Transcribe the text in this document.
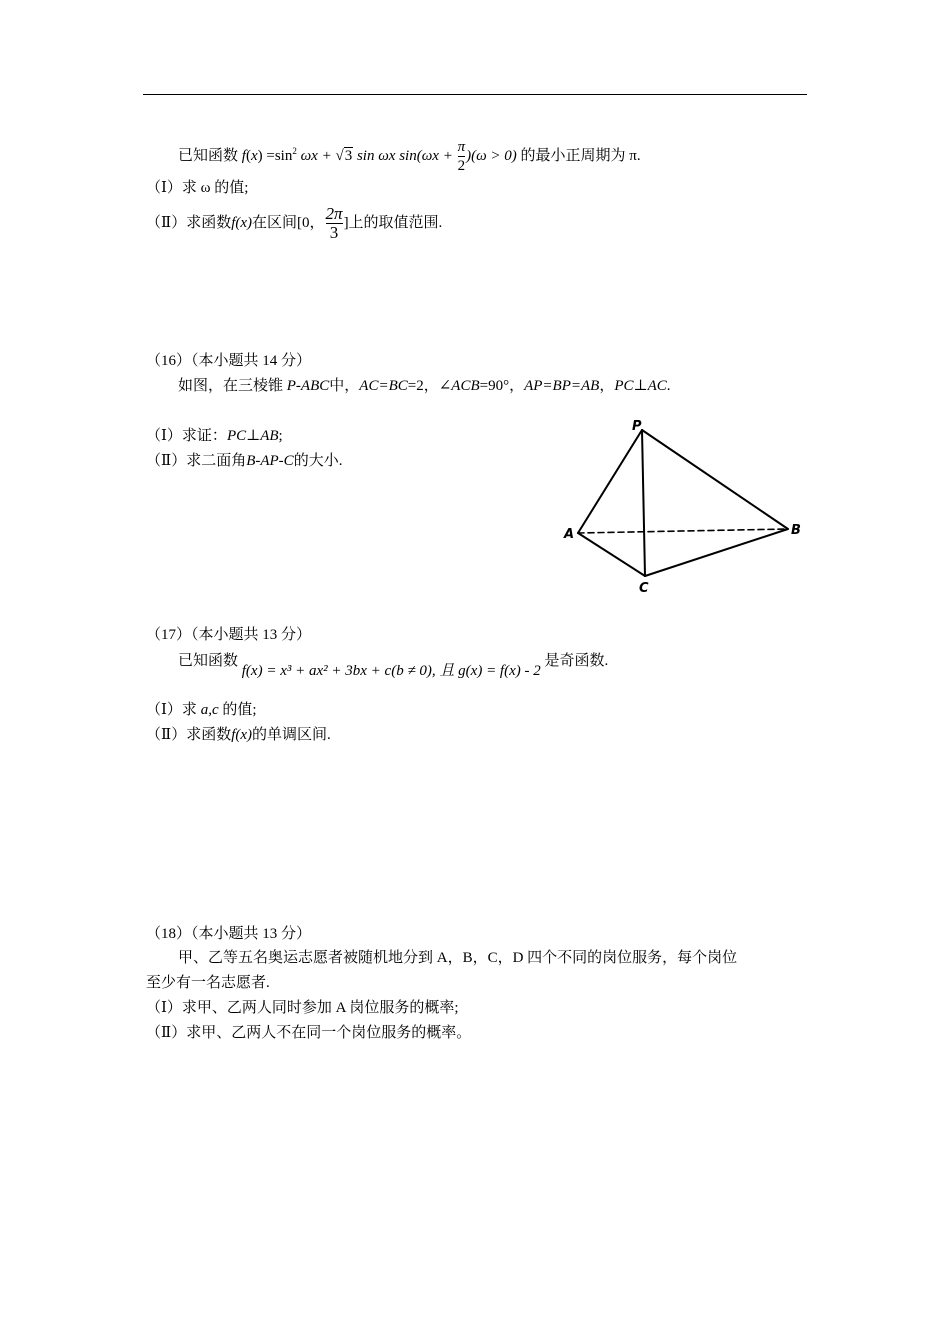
已知函数 $f(x) =\sin^2$ ωx + √3 sin ωx $\sin(\omega x + \frac{\pi}{2} )(\omega > 0)$ 的最小正周期为 π.
（Ⅰ）求 ω 的值;
（Ⅱ）求函数f(x)在区间[0， $\frac{2\pi}{3}$ ]上的取值范围.
（16）（本小题共 14 分）
如图，在三棱锥 P-ABC中，AC=BC=2，∠ACB=90°，AP=BP=AB，PC⊥AC.
（Ⅰ）求证：PC⊥AB;
（Ⅱ）求二面角B-AP-C的大小.
P
A	B
C
（17）（本小题共 13 分）
已知函数 f(x) = x³ + ax² + 3bx + c(b ≠ 0), 且 g(x) = f(x) - 2 是奇函数.
（Ⅰ）求 a,c 的值;
（Ⅱ）求函数f(x)的单调区间.
（18）（本小题共 13 分）
甲、乙等五名奥运志愿者被随机地分到 A，B，C，D 四个不同的岗位服务，每个岗位
至少有一名志愿者.
（Ⅰ）求甲、乙两人同时参加 A 岗位服务的概率;
（Ⅱ）求甲、乙两人不在同一个岗位服务的概率。
